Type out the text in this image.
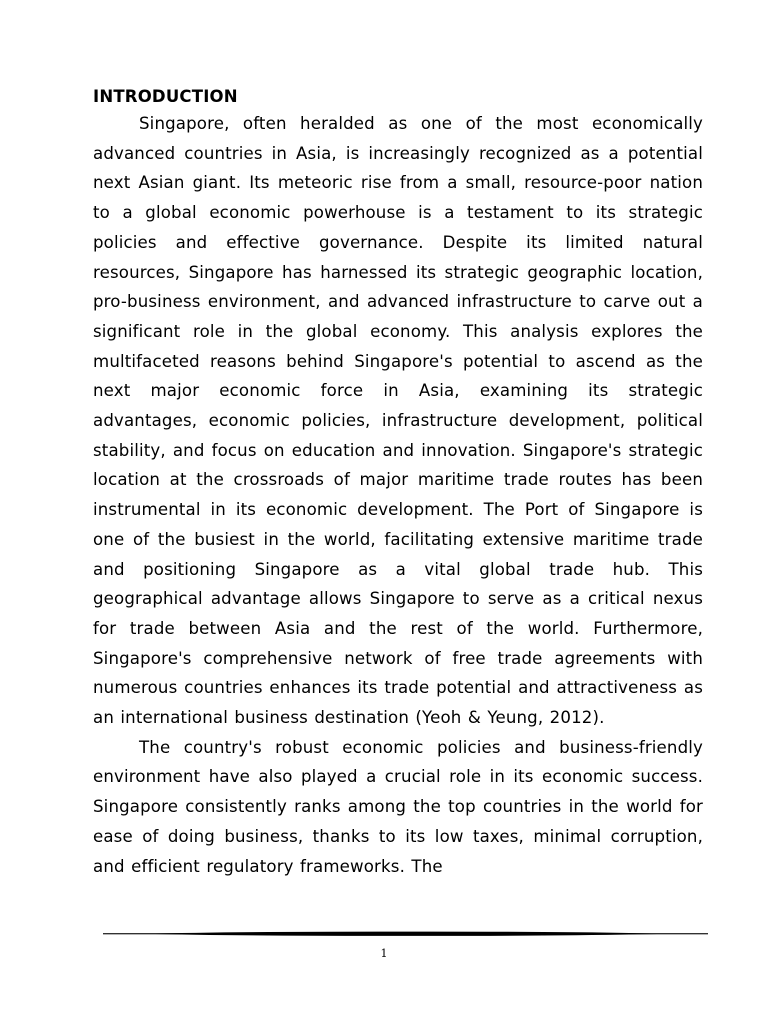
INTRODUCTION

Singapore, often heralded as one of the most economically advanced countries in Asia, is increasingly recognized as a potential next Asian giant. Its meteoric rise from a small, resource-poor nation to a global economic powerhouse is a testament to its strategic policies and effective governance. Despite its limited natural resources, Singapore has harnessed its strategic geographic location, pro-business environment, and advanced infrastructure to carve out a significant role in the global economy. This analysis explores the multifaceted reasons behind Singapore's potential to ascend as the next major economic force in Asia, examining its strategic advantages, economic policies, infrastructure development, political stability, and focus on education and innovation. Singapore's strategic location at the crossroads of major maritime trade routes has been instrumental in its economic development. The Port of Singapore is one of the busiest in the world, facilitating extensive maritime trade and positioning Singapore as a vital global trade hub. This geographical advantage allows Singapore to serve as a critical nexus for trade between Asia and the rest of the world. Furthermore, Singapore's comprehensive network of free trade agreements with numerous countries enhances its trade potential and attractiveness as an international business destination (Yeoh & Yeung, 2012).

The country's robust economic policies and business-friendly environment have also played a crucial role in its economic success. Singapore consistently ranks among the top countries in the world for ease of doing business, thanks to its low taxes, minimal corruption, and efficient regulatory frameworks. The

1
